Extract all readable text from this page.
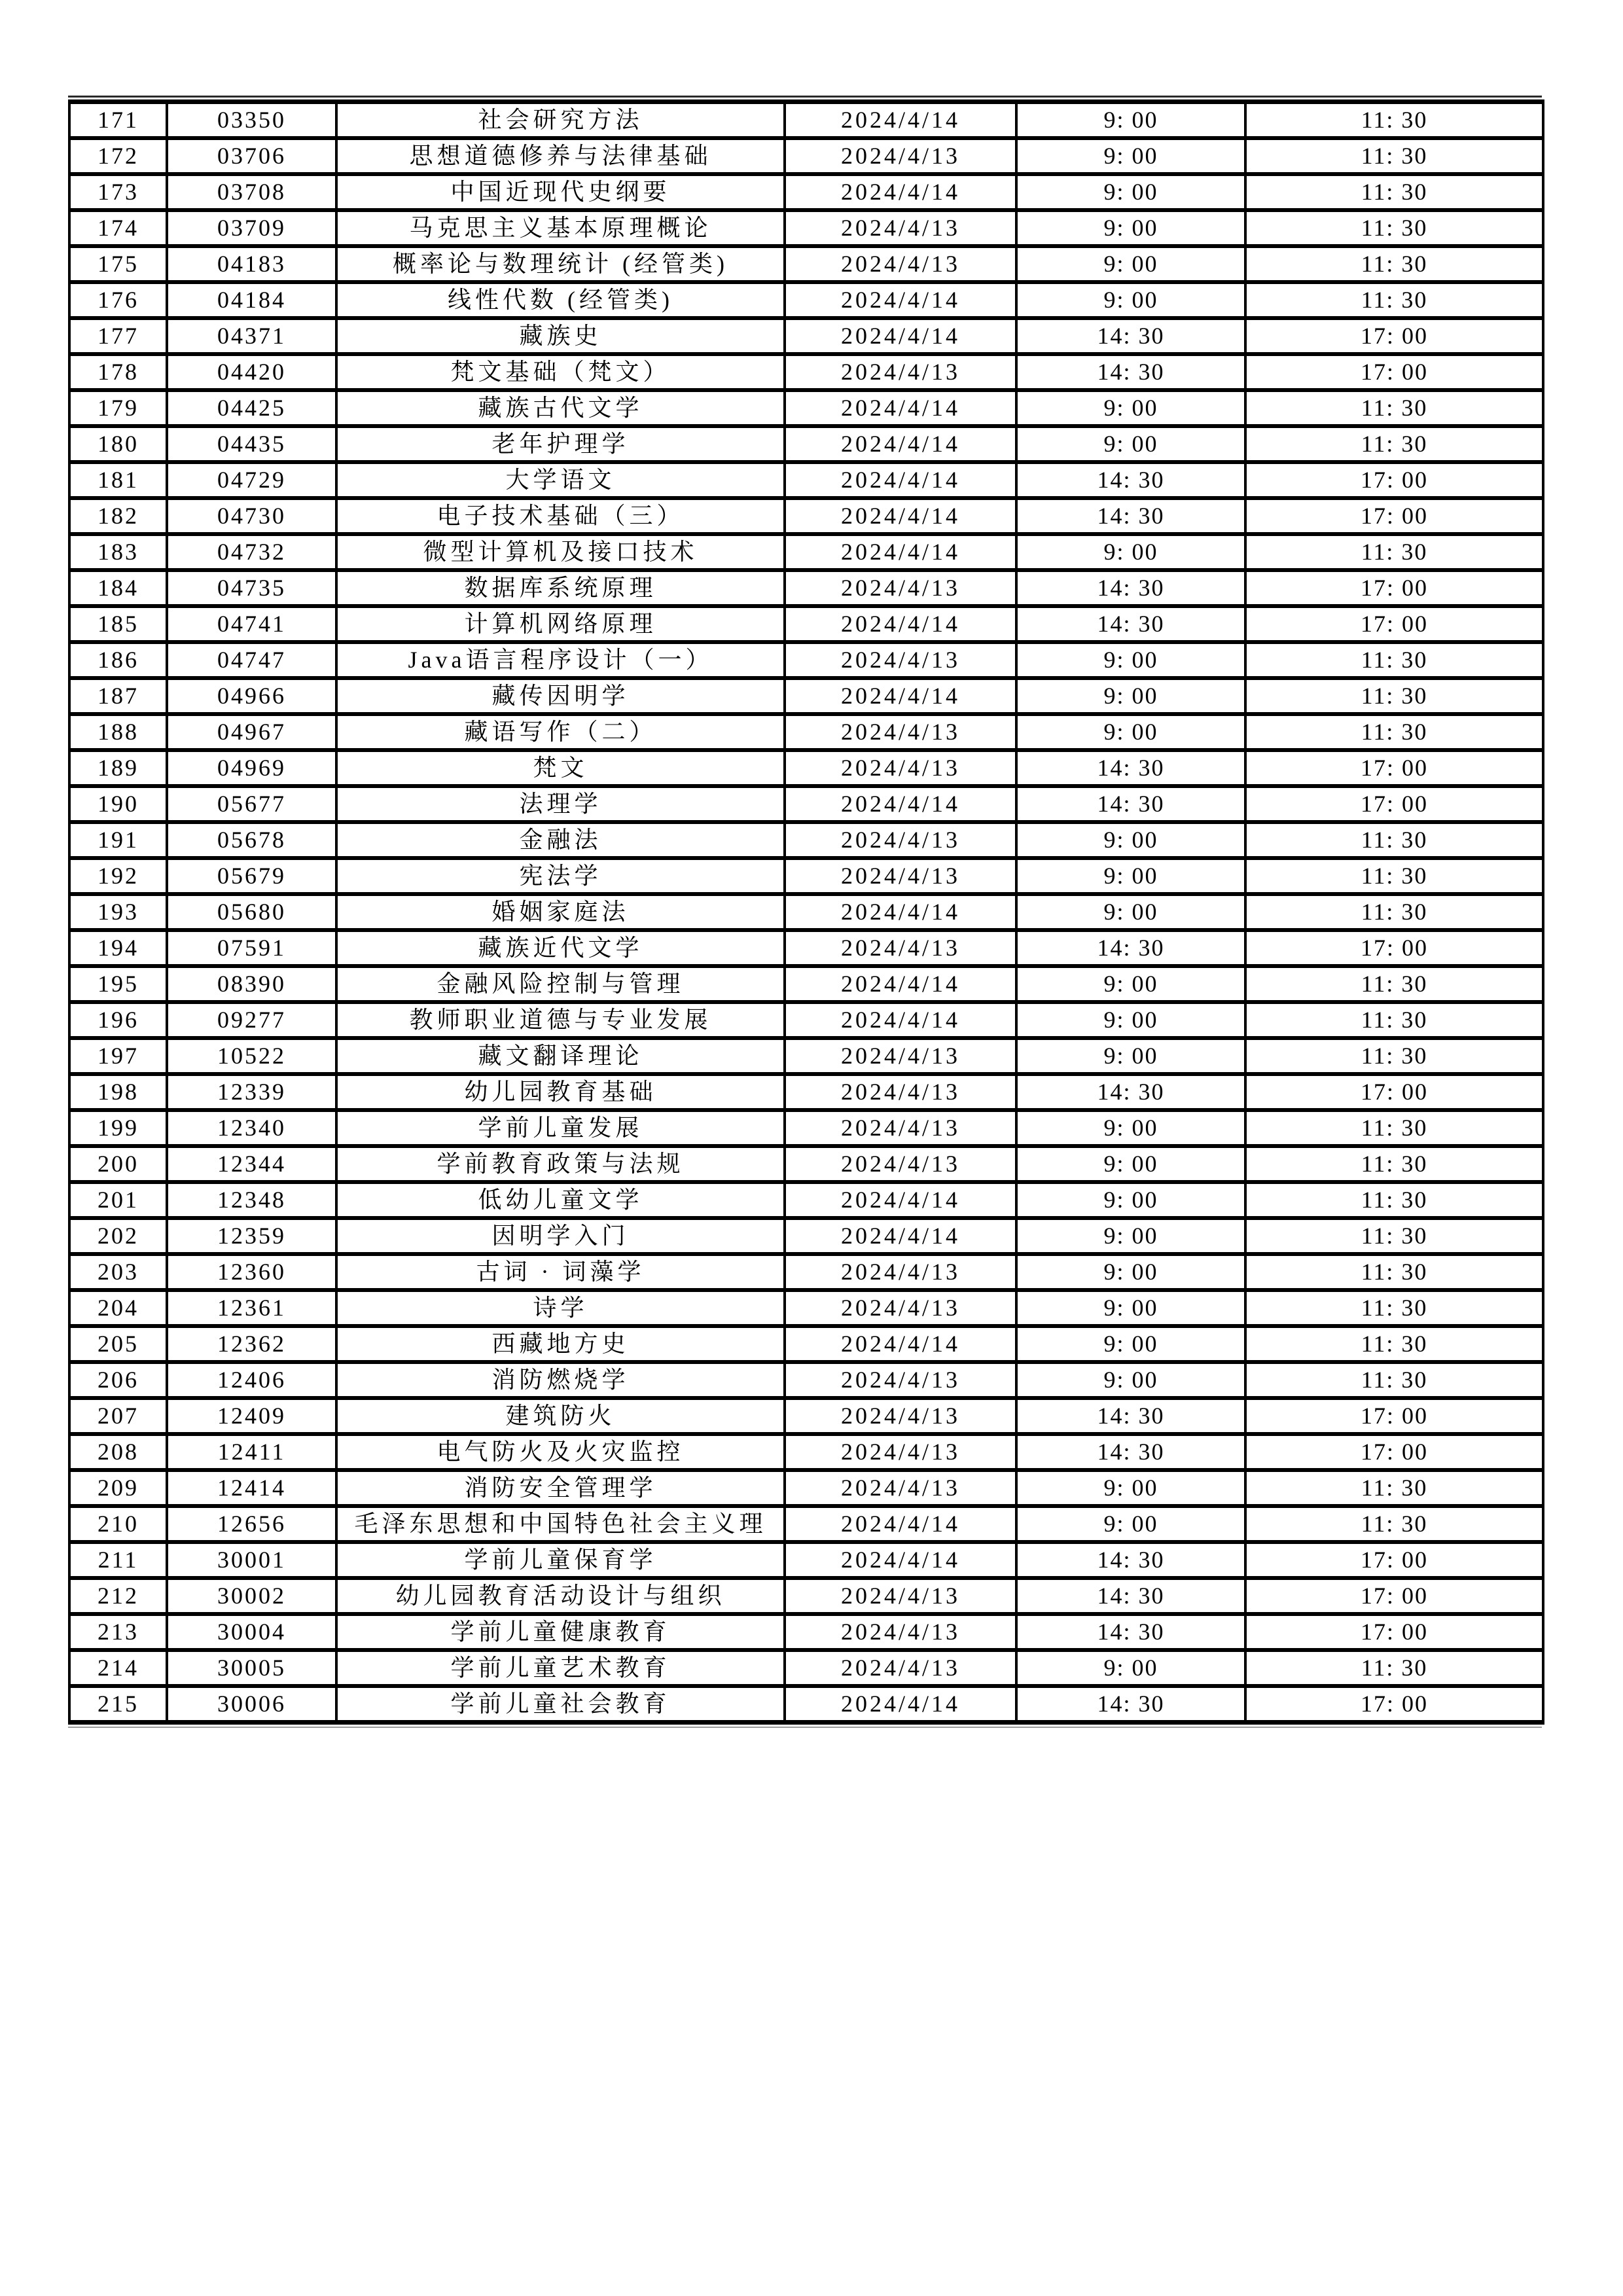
171	03350	社会研究方法	2024/4/14	9: 00	11: 30
172	03706	思想道德修养与法律基础	2024/4/13	9: 00	11: 30
173	03708	中国近现代史纲要	2024/4/14	9: 00	11: 30
174	03709	马克思主义基本原理概论	2024/4/13	9: 00	11: 30
175	04183	概率论与数理统计 (经管类)	2024/4/13	9: 00	11: 30
176	04184	线性代数 (经管类)	2024/4/14	9: 00	11: 30
177	04371	藏族史	2024/4/14	14: 30	17: 00
178	04420	梵文基础（梵文）	2024/4/13	14: 30	17: 00
179	04425	藏族古代文学	2024/4/14	9: 00	11: 30
180	04435	老年护理学	2024/4/14	9: 00	11: 30
181	04729	大学语文	2024/4/14	14: 30	17: 00
182	04730	电子技术基础（三）	2024/4/14	14: 30	17: 00
183	04732	微型计算机及接口技术	2024/4/14	9: 00	11: 30
184	04735	数据库系统原理	2024/4/13	14: 30	17: 00
185	04741	计算机网络原理	2024/4/14	14: 30	17: 00
186	04747	Java语言程序设计（一）	2024/4/13	9: 00	11: 30
187	04966	藏传因明学	2024/4/14	9: 00	11: 30
188	04967	藏语写作（二）	2024/4/13	9: 00	11: 30
189	04969	梵文	2024/4/13	14: 30	17: 00
190	05677	法理学	2024/4/14	14: 30	17: 00
191	05678	金融法	2024/4/13	9: 00	11: 30
192	05679	宪法学	2024/4/13	9: 00	11: 30
193	05680	婚姻家庭法	2024/4/14	9: 00	11: 30
194	07591	藏族近代文学	2024/4/13	14: 30	17: 00
195	08390	金融风险控制与管理	2024/4/14	9: 00	11: 30
196	09277	教师职业道德与专业发展	2024/4/14	9: 00	11: 30
197	10522	藏文翻译理论	2024/4/13	9: 00	11: 30
198	12339	幼儿园教育基础	2024/4/13	14: 30	17: 00
199	12340	学前儿童发展	2024/4/13	9: 00	11: 30
200	12344	学前教育政策与法规	2024/4/13	9: 00	11: 30
201	12348	低幼儿童文学	2024/4/14	9: 00	11: 30
202	12359	因明学入门	2024/4/14	9: 00	11: 30
203	12360	古词 · 词藻学	2024/4/13	9: 00	11: 30
204	12361	诗学	2024/4/13	9: 00	11: 30
205	12362	西藏地方史	2024/4/14	9: 00	11: 30
206	12406	消防燃烧学	2024/4/13	9: 00	11: 30
207	12409	建筑防火	2024/4/13	14: 30	17: 00
208	12411	电气防火及火灾监控	2024/4/13	14: 30	17: 00
209	12414	消防安全管理学	2024/4/13	9: 00	11: 30
210	12656	毛泽东思想和中国特色社会主义理	2024/4/14	9: 00	11: 30
211	30001	学前儿童保育学	2024/4/14	14: 30	17: 00
212	30002	幼儿园教育活动设计与组织	2024/4/13	14: 30	17: 00
213	30004	学前儿童健康教育	2024/4/13	14: 30	17: 00
214	30005	学前儿童艺术教育	2024/4/13	9: 00	11: 30
215	30006	学前儿童社会教育	2024/4/14	14: 30	17: 00
